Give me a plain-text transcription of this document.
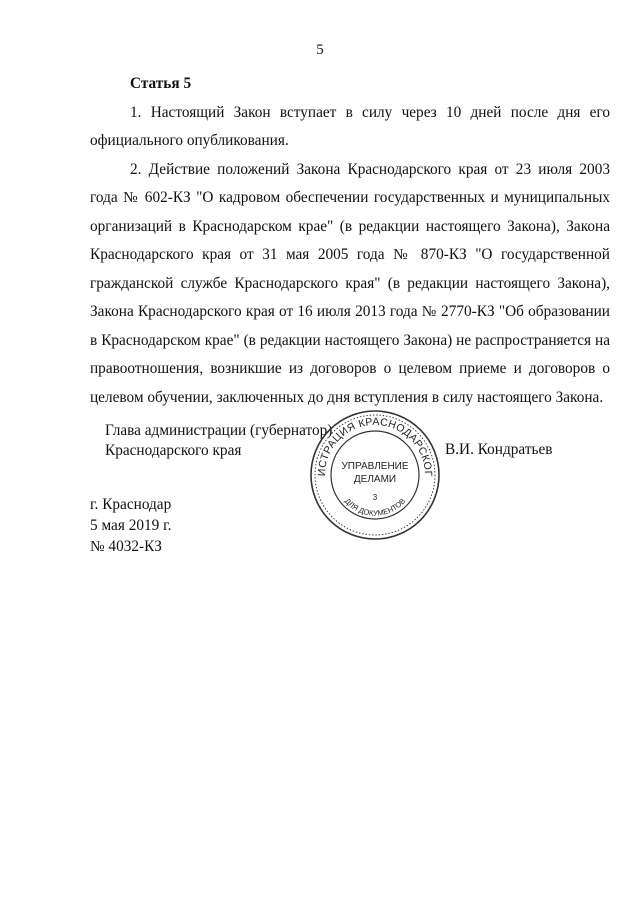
5
Статья 5

1. Настоящий Закон вступает в силу через 10 дней после дня его официального опубликования.

2. Действие положений Закона Краснодарского края от 23 июля 2003 года № 602-КЗ "О кадровом обеспечении государственных и муниципальных организаций в Краснодарском крае" (в редакции настоящего Закона), Закона Краснодарского края от 31 мая 2005 года № 870-КЗ "О государственной гражданской службе Краснодарского края" (в редакции настоящего Закона), Закона Краснодарского края от 16 июля 2013 года № 2770-КЗ "Об образовании в Краснодарском крае" (в редакции настоящего Закона) не распространяется на правоотношения, возникшие из договоров о целевом приеме и договоров о целевом обучении, заключенных до дня вступления в силу настоящего Закона.

Глава администрации (губернатор)
Краснодарского края
ИСТРАЦИЯ КРАСНОДАРСКОГ
ДЛЯ ДОКУМЕНТОВ
УПРАВЛЕНИЕ
ДЕЛАМИ
3
В.И. Кондратьев
г. Краснодар
5 мая 2019 г.
№ 4032-КЗ
